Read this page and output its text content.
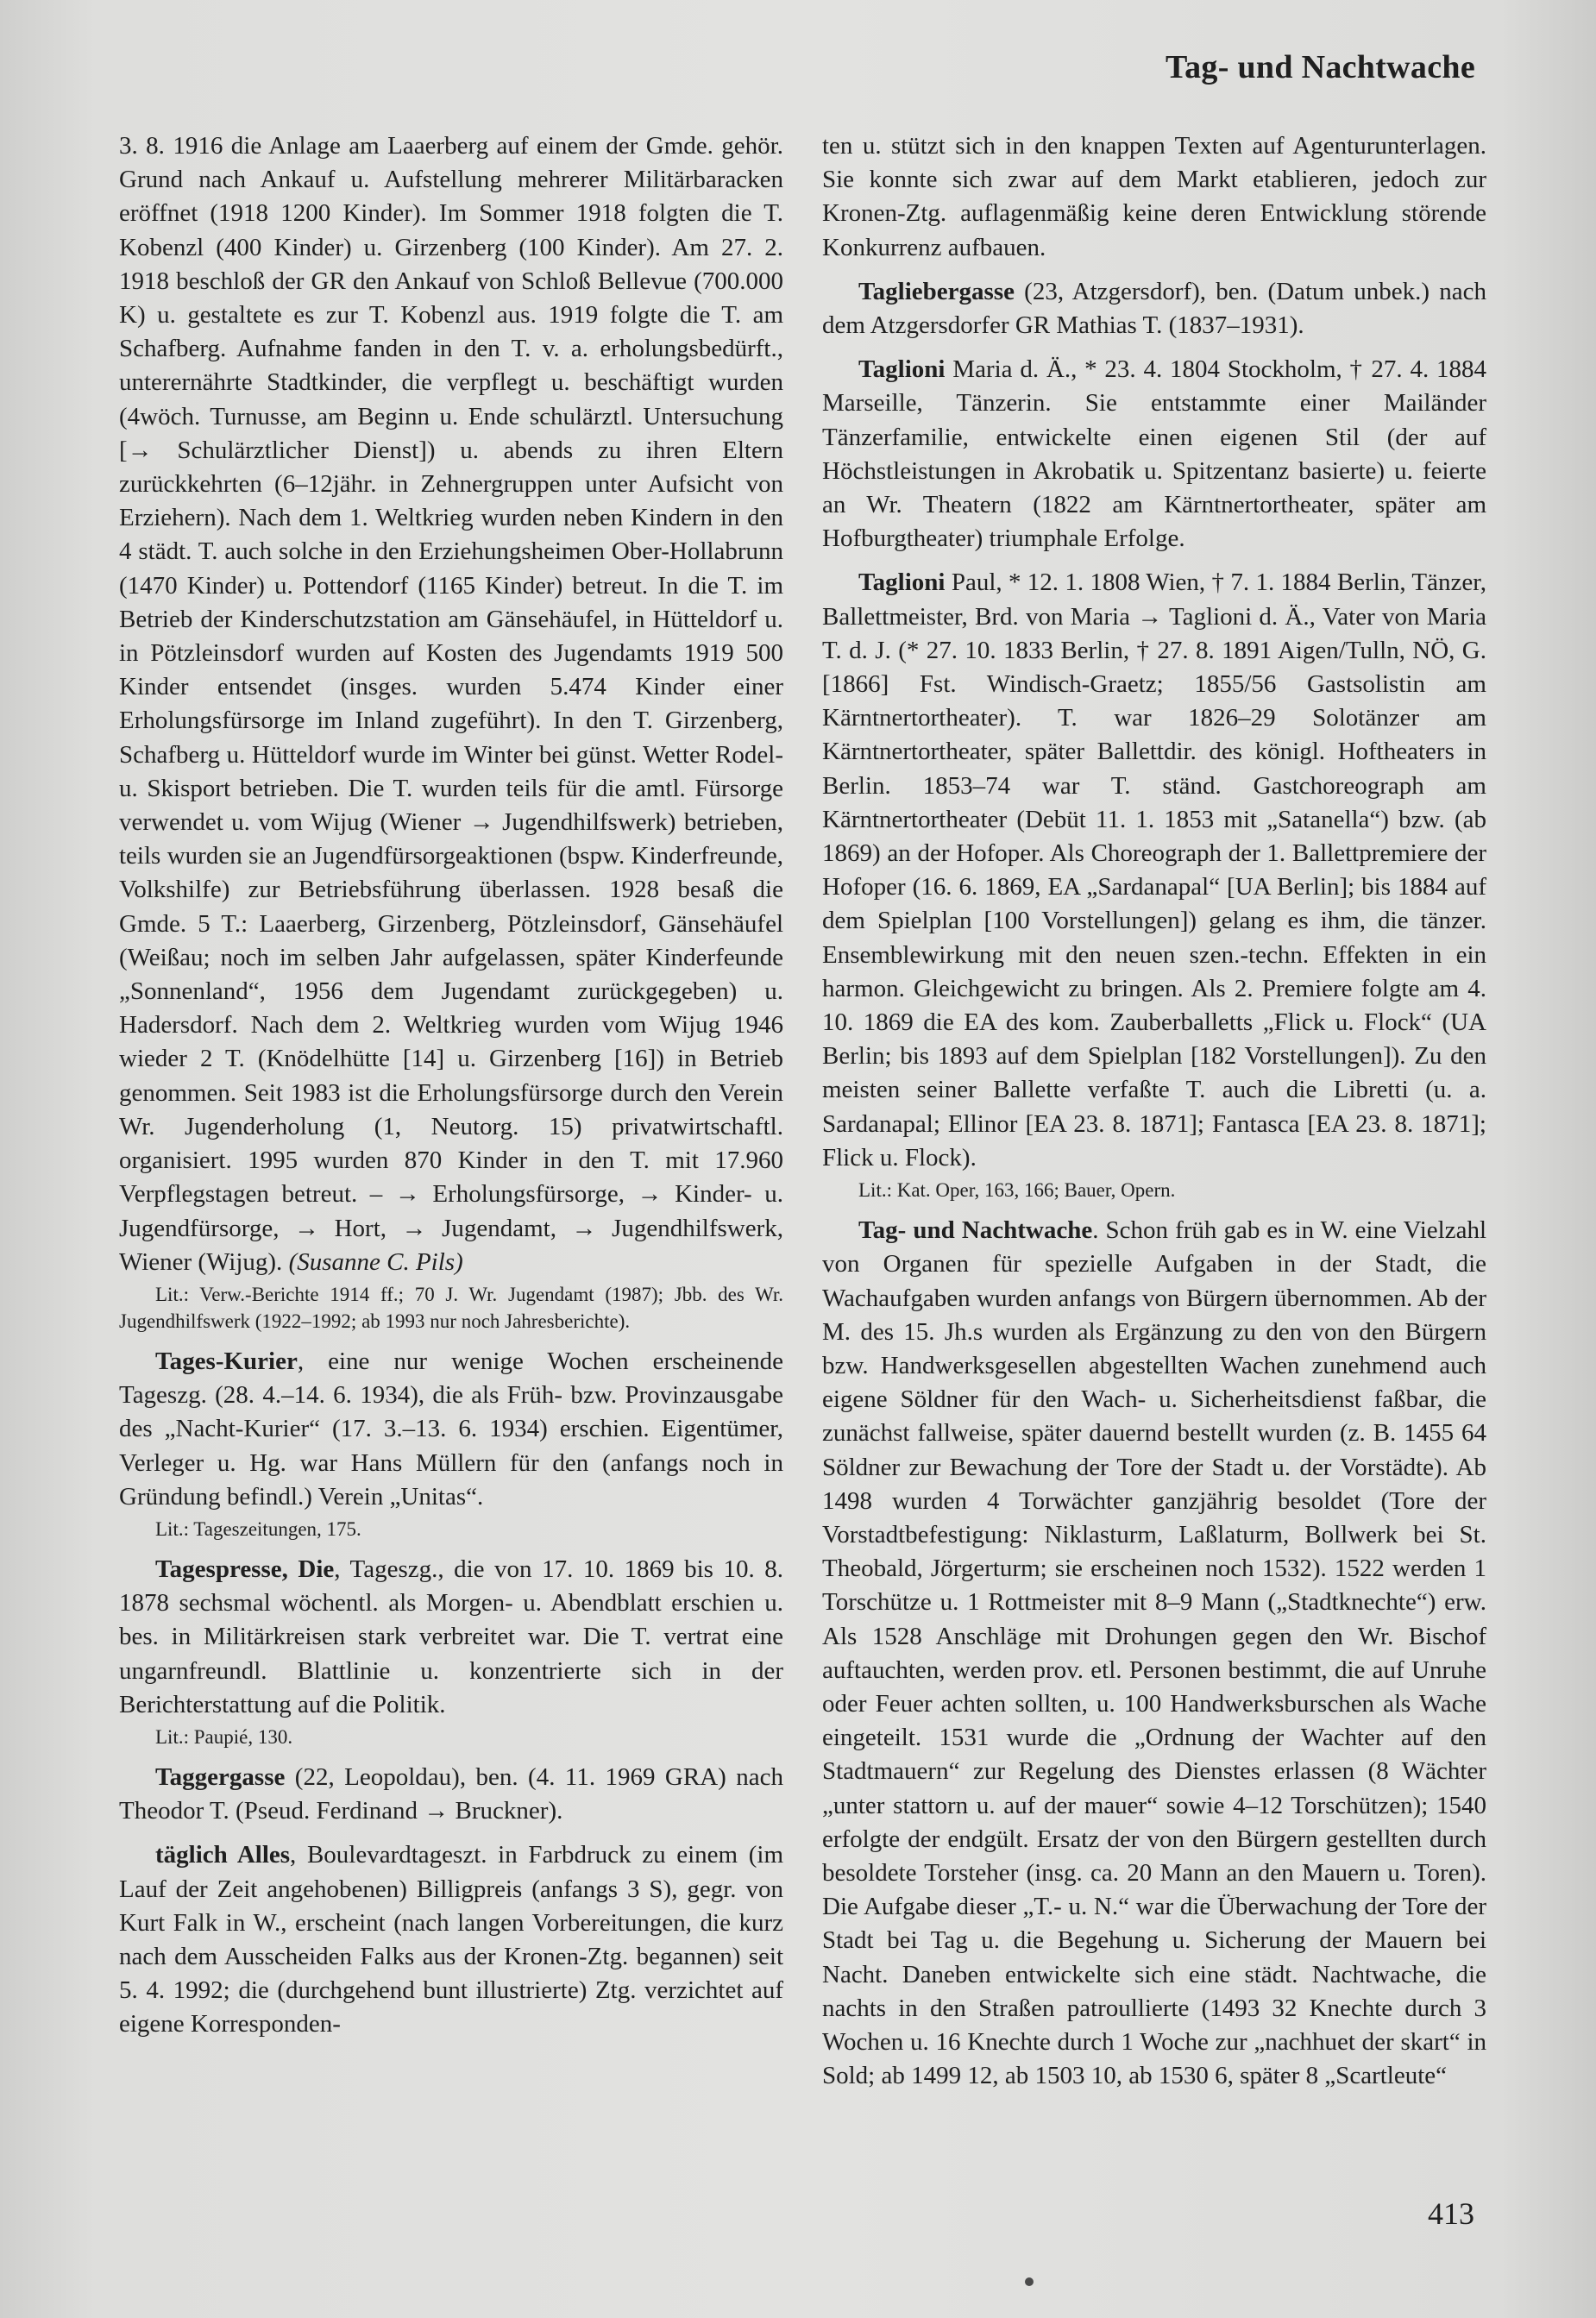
Tag- und Nachtwache

3. 8. 1916 die Anlage am Laaerberg auf einem der Gmde. gehör. Grund nach Ankauf u. Aufstellung mehrerer Militärbaracken eröffnet (1918 1200 Kinder). Im Sommer 1918 folgten die T. Kobenzl (400 Kinder) u. Girzenberg (100 Kinder). Am 27. 2. 1918 beschloß der GR den Ankauf von Schloß Bellevue (700.000 K) u. gestaltete es zur T. Kobenzl aus. 1919 folgte die T. am Schafberg. Aufnahme fanden in den T. v. a. erholungsbedürft., unterernährte Stadtkinder, die verpflegt u. beschäftigt wurden (4wöch. Turnusse, am Beginn u. Ende schulärztl. Untersuchung [→ Schulärztlicher Dienst]) u. abends zu ihren Eltern zurückkehrten (6–12jähr. in Zehnergruppen unter Aufsicht von Erziehern). Nach dem 1. Weltkrieg wurden neben Kindern in den 4 städt. T. auch solche in den Erziehungsheimen Ober-Hollabrunn (1470 Kinder) u. Pottendorf (1165 Kinder) betreut. In die T. im Betrieb der Kinderschutzstation am Gänsehäufel, in Hütteldorf u. in Pötzleinsdorf wurden auf Kosten des Jugendamts 1919 500 Kinder entsendet (insges. wurden 5.474 Kinder einer Erholungsfürsorge im Inland zugeführt). In den T. Girzenberg, Schafberg u. Hütteldorf wurde im Winter bei günst. Wetter Rodel- u. Skisport betrieben. Die T. wurden teils für die amtl. Fürsorge verwendet u. vom Wijug (Wiener → Jugendhilfswerk) betrieben, teils wurden sie an Jugendfürsorgeaktionen (bspw. Kinderfreunde, Volkshilfe) zur Betriebsführung überlassen. 1928 besaß die Gmde. 5 T.: Laaerberg, Girzenberg, Pötzleinsdorf, Gänsehäufel (Weißau; noch im selben Jahr aufgelassen, später Kinderfeunde „Sonnenland“, 1956 dem Jugendamt zurückgegeben) u. Hadersdorf. Nach dem 2. Weltkrieg wurden vom Wijug 1946 wieder 2 T. (Knödelhütte [14] u. Girzenberg [16]) in Betrieb genommen. Seit 1983 ist die Erholungsfürsorge durch den Verein Wr. Jugenderholung (1, Neutorg. 15) privatwirtschaftl. organisiert. 1995 wurden 870 Kinder in den T. mit 17.960 Verpflegstagen betreut. – → Erholungsfürsorge, → Kinder- u. Jugendfürsorge, → Hort, → Jugendamt, → Jugendhilfswerk, Wiener (Wijug). (Susanne C. Pils)

Lit.: Verw.-Berichte 1914 ff.; 70 J. Wr. Jugendamt (1987); Jbb. des Wr. Jugendhilfswerk (1922–1992; ab 1993 nur noch Jahresberichte).

Tages-Kurier, eine nur wenige Wochen erscheinende Tageszg. (28. 4.–14. 6. 1934), die als Früh- bzw. Provinzausgabe des „Nacht-Kurier“ (17. 3.–13. 6. 1934) erschien. Eigentümer, Verleger u. Hg. war Hans Müllern für den (anfangs noch in Gründung befindl.) Verein „Unitas“.

Lit.: Tageszeitungen, 175.

Tagespresse, Die, Tageszg., die von 17. 10. 1869 bis 10. 8. 1878 sechsmal wöchentl. als Morgen- u. Abendblatt erschien u. bes. in Militärkreisen stark verbreitet war. Die T. vertrat eine ungarnfreundl. Blattlinie u. konzentrierte sich in der Berichterstattung auf die Politik.

Lit.: Paupié, 130.

Taggergasse (22, Leopoldau), ben. (4. 11. 1969 GRA) nach Theodor T. (Pseud. Ferdinand → Bruckner).

täglich Alles, Boulevardtageszt. in Farbdruck zu einem (im Lauf der Zeit angehobenen) Billigpreis (anfangs 3 S), gegr. von Kurt Falk in W., erscheint (nach langen Vorbereitungen, die kurz nach dem Ausscheiden Falks aus der Kronen-Ztg. begannen) seit 5. 4. 1992; die (durchgehend bunt illustrierte) Ztg. verzichtet auf eigene Korresponden-

ten u. stützt sich in den knappen Texten auf Agenturunterlagen. Sie konnte sich zwar auf dem Markt etablieren, jedoch zur Kronen-Ztg. auflagenmäßig keine deren Entwicklung störende Konkurrenz aufbauen.

Tagliebergasse (23, Atzgersdorf), ben. (Datum unbek.) nach dem Atzgersdorfer GR Mathias T. (1837–1931).

Taglioni Maria d. Ä., * 23. 4. 1804 Stockholm, † 27. 4. 1884 Marseille, Tänzerin. Sie entstammte einer Mailänder Tänzerfamilie, entwickelte einen eigenen Stil (der auf Höchstleistungen in Akrobatik u. Spitzentanz basierte) u. feierte an Wr. Theatern (1822 am Kärntnertortheater, später am Hofburgtheater) triumphale Erfolge.

Taglioni Paul, * 12. 1. 1808 Wien, † 7. 1. 1884 Berlin, Tänzer, Ballettmeister, Brd. von Maria → Taglioni d. Ä., Vater von Maria T. d. J. (* 27. 10. 1833 Berlin, † 27. 8. 1891 Aigen/Tulln, NÖ, G. [1866] Fst. Windisch-Graetz; 1855/56 Gastsolistin am Kärntnertortheater). T. war 1826–29 Solotänzer am Kärntnertortheater, später Ballettdir. des königl. Hoftheaters in Berlin. 1853–74 war T. ständ. Gastchoreograph am Kärntnertortheater (Debüt 11. 1. 1853 mit „Satanella“) bzw. (ab 1869) an der Hofoper. Als Choreograph der 1. Ballettpremiere der Hofoper (16. 6. 1869, EA „Sardanapal“ [UA Berlin]; bis 1884 auf dem Spielplan [100 Vorstellungen]) gelang es ihm, die tänzer. Ensemblewirkung mit den neuen szen.-techn. Effekten in ein harmon. Gleichgewicht zu bringen. Als 2. Premiere folgte am 4. 10. 1869 die EA des kom. Zauberballetts „Flick u. Flock“ (UA Berlin; bis 1893 auf dem Spielplan [182 Vorstellungen]). Zu den meisten seiner Ballette verfaßte T. auch die Libretti (u. a. Sardanapal; Ellinor [EA 23. 8. 1871]; Fantasca [EA 23. 8. 1871]; Flick u. Flock).

Lit.: Kat. Oper, 163, 166; Bauer, Opern.

Tag- und Nachtwache. Schon früh gab es in W. eine Vielzahl von Organen für spezielle Aufgaben in der Stadt, die Wachaufgaben wurden anfangs von Bürgern übernommen. Ab der M. des 15. Jh.s wurden als Ergänzung zu den von den Bürgern bzw. Handwerksgesellen abgestellten Wachen zunehmend auch eigene Söldner für den Wach- u. Sicherheitsdienst faßbar, die zunächst fallweise, später dauernd bestellt wurden (z. B. 1455 64 Söldner zur Bewachung der Tore der Stadt u. der Vorstädte). Ab 1498 wurden 4 Torwächter ganzjährig besoldet (Tore der Vorstadtbefestigung: Niklasturm, Laßlaturm, Bollwerk bei St. Theobald, Jörgerturm; sie erscheinen noch 1532). 1522 werden 1 Torschütze u. 1 Rottmeister mit 8–9 Mann („Stadtknechte“) erw. Als 1528 Anschläge mit Drohungen gegen den Wr. Bischof auftauchten, werden prov. etl. Personen bestimmt, die auf Unruhe oder Feuer achten sollten, u. 100 Handwerksburschen als Wache eingeteilt. 1531 wurde die „Ordnung der Wachter auf den Stadtmauern“ zur Regelung des Dienstes erlassen (8 Wächter „unter stattorn u. auf der mauer“ sowie 4–12 Torschützen); 1540 erfolgte der endgült. Ersatz der von den Bürgern gestellten durch besoldete Torsteher (insg. ca. 20 Mann an den Mauern u. Toren). Die Aufgabe dieser „T.- u. N.“ war die Überwachung der Tore der Stadt bei Tag u. die Begehung u. Sicherung der Mauern bei Nacht. Daneben entwickelte sich eine städt. Nachtwache, die nachts in den Straßen patroullierte (1493 32 Knechte durch 3 Wochen u. 16 Knechte durch 1 Woche zur „nachhuet der skart“ in Sold; ab 1499 12, ab 1503 10, ab 1530 6, später 8 „Scartleute“

413
